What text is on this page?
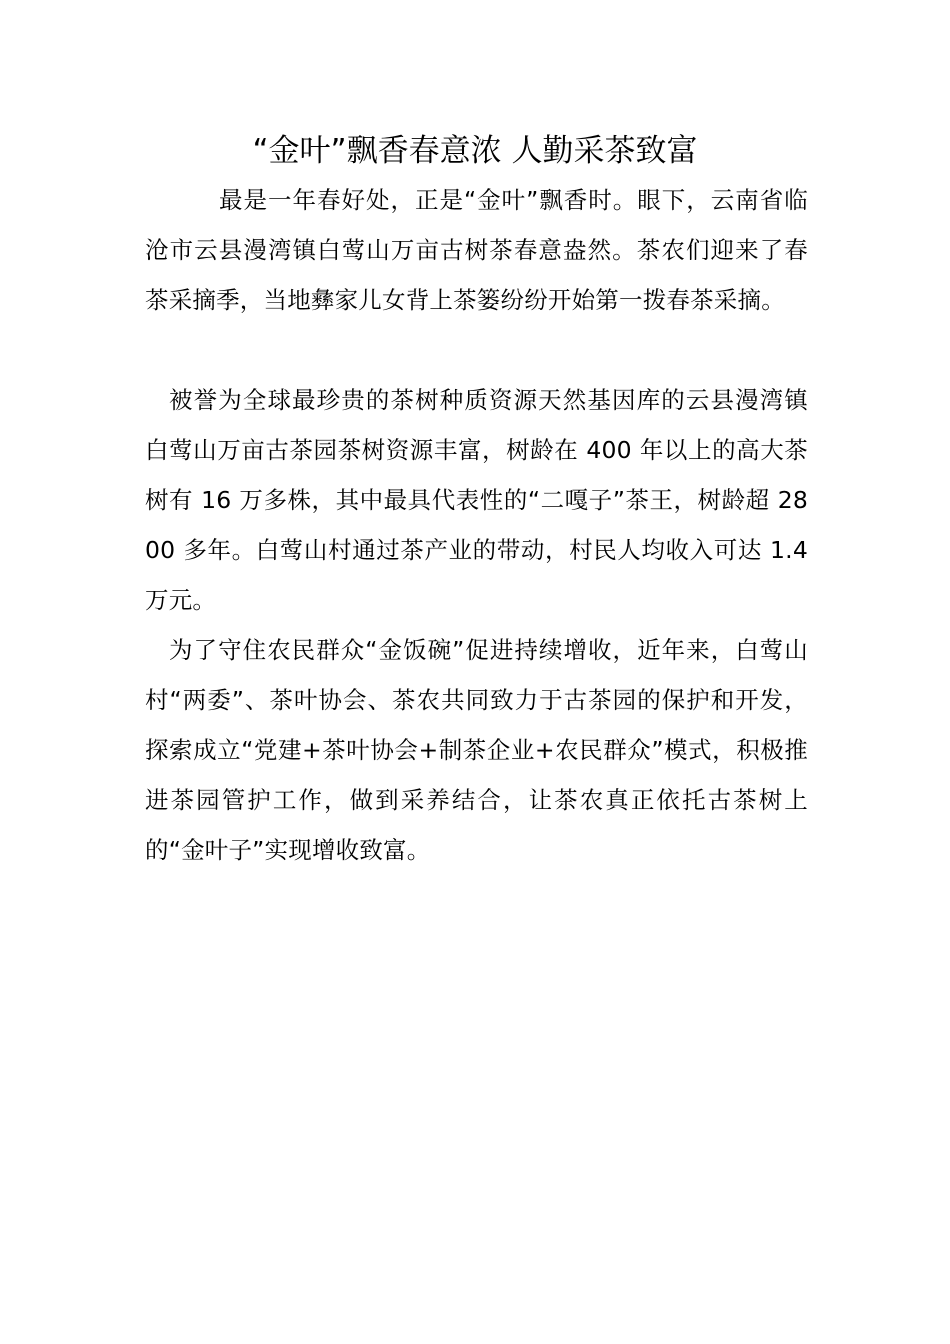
“金叶”飘香春意浓 人勤采茶致富

最是一年春好处，正是“金叶”飘香时。眼下，云南省临沧市云县漫湾镇白莺山万亩古树茶春意盎然。茶农们迎来了春茶采摘季，当地彝家儿女背上茶篓纷纷开始第一拨春茶采摘。

被誉为全球最珍贵的茶树种质资源天然基因库的云县漫湾镇白莺山万亩古茶园茶树资源丰富，树龄在 400 年以上的高大茶树有 16 万多株，其中最具代表性的“二嘎子”茶王，树龄超 2800 多年。白莺山村通过茶产业的带动，村民人均收入可达 1.4 万元。

为了守住农民群众“金饭碗”促进持续增收，近年来，白莺山村“两委”、茶叶协会、茶农共同致力于古茶园的保护和开发，探索成立“党建+茶叶协会+制茶企业+农民群众”模式，积极推进茶园管护工作，做到采养结合，让茶农真正依托古茶树上的“金叶子”实现增收致富。
